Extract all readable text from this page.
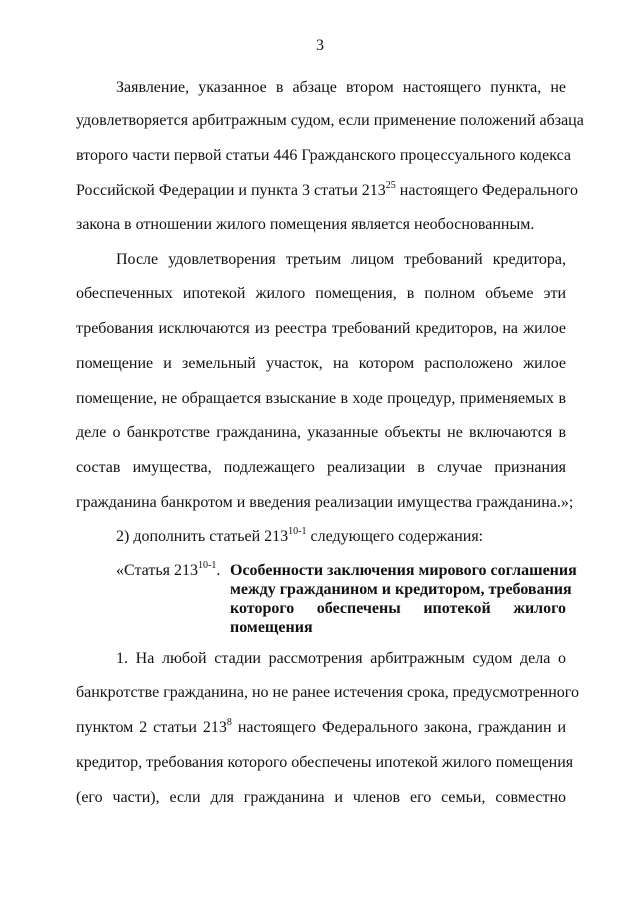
3
Заявление, указанное в абзаце втором настоящего пункта, не
удовлетворяется арбитражным судом, если применение положений абзаца
второго части первой статьи 446 Гражданского процессуального кодекса
Российской Федерации и пункта 3 статьи $213^{25}$ настоящего Федерального
закона в отношении жилого помещения является необоснованным.
После удовлетворения третьим лицом требований кредитора,
обеспеченных ипотекой жилого помещения, в полном объеме эти
требования исключаются из реестра требований кредиторов, на жилое
помещение и земельный участок, на котором расположено жилое
помещение, не обращается взыскание в ходе процедур, применяемых в
деле о банкротстве гражданина, указанные объекты не включаются в
состав имущества, подлежащего реализации в случае признания
гражданина банкротом и введения реализации имущества гражданина.»;
2) дополнить статьей 213$^{10-1}$ следующего содержания:
«Статья 213$^{10-1}$. Особенности заключения мирового соглашения
между гражданином и кредитором, требования
которого обеспечены ипотекой жилого
помещения
1. На любой стадии рассмотрения арбитражным судом дела о
банкротстве гражданина, но не ранее истечения срока, предусмотренного
пунктом 2 статьи $213^8$ настоящего Федерального закона, гражданин и
кредитор, требования которого обеспечены ипотекой жилого помещения
(его части), если для гражданина и членов его семьи, совместно
